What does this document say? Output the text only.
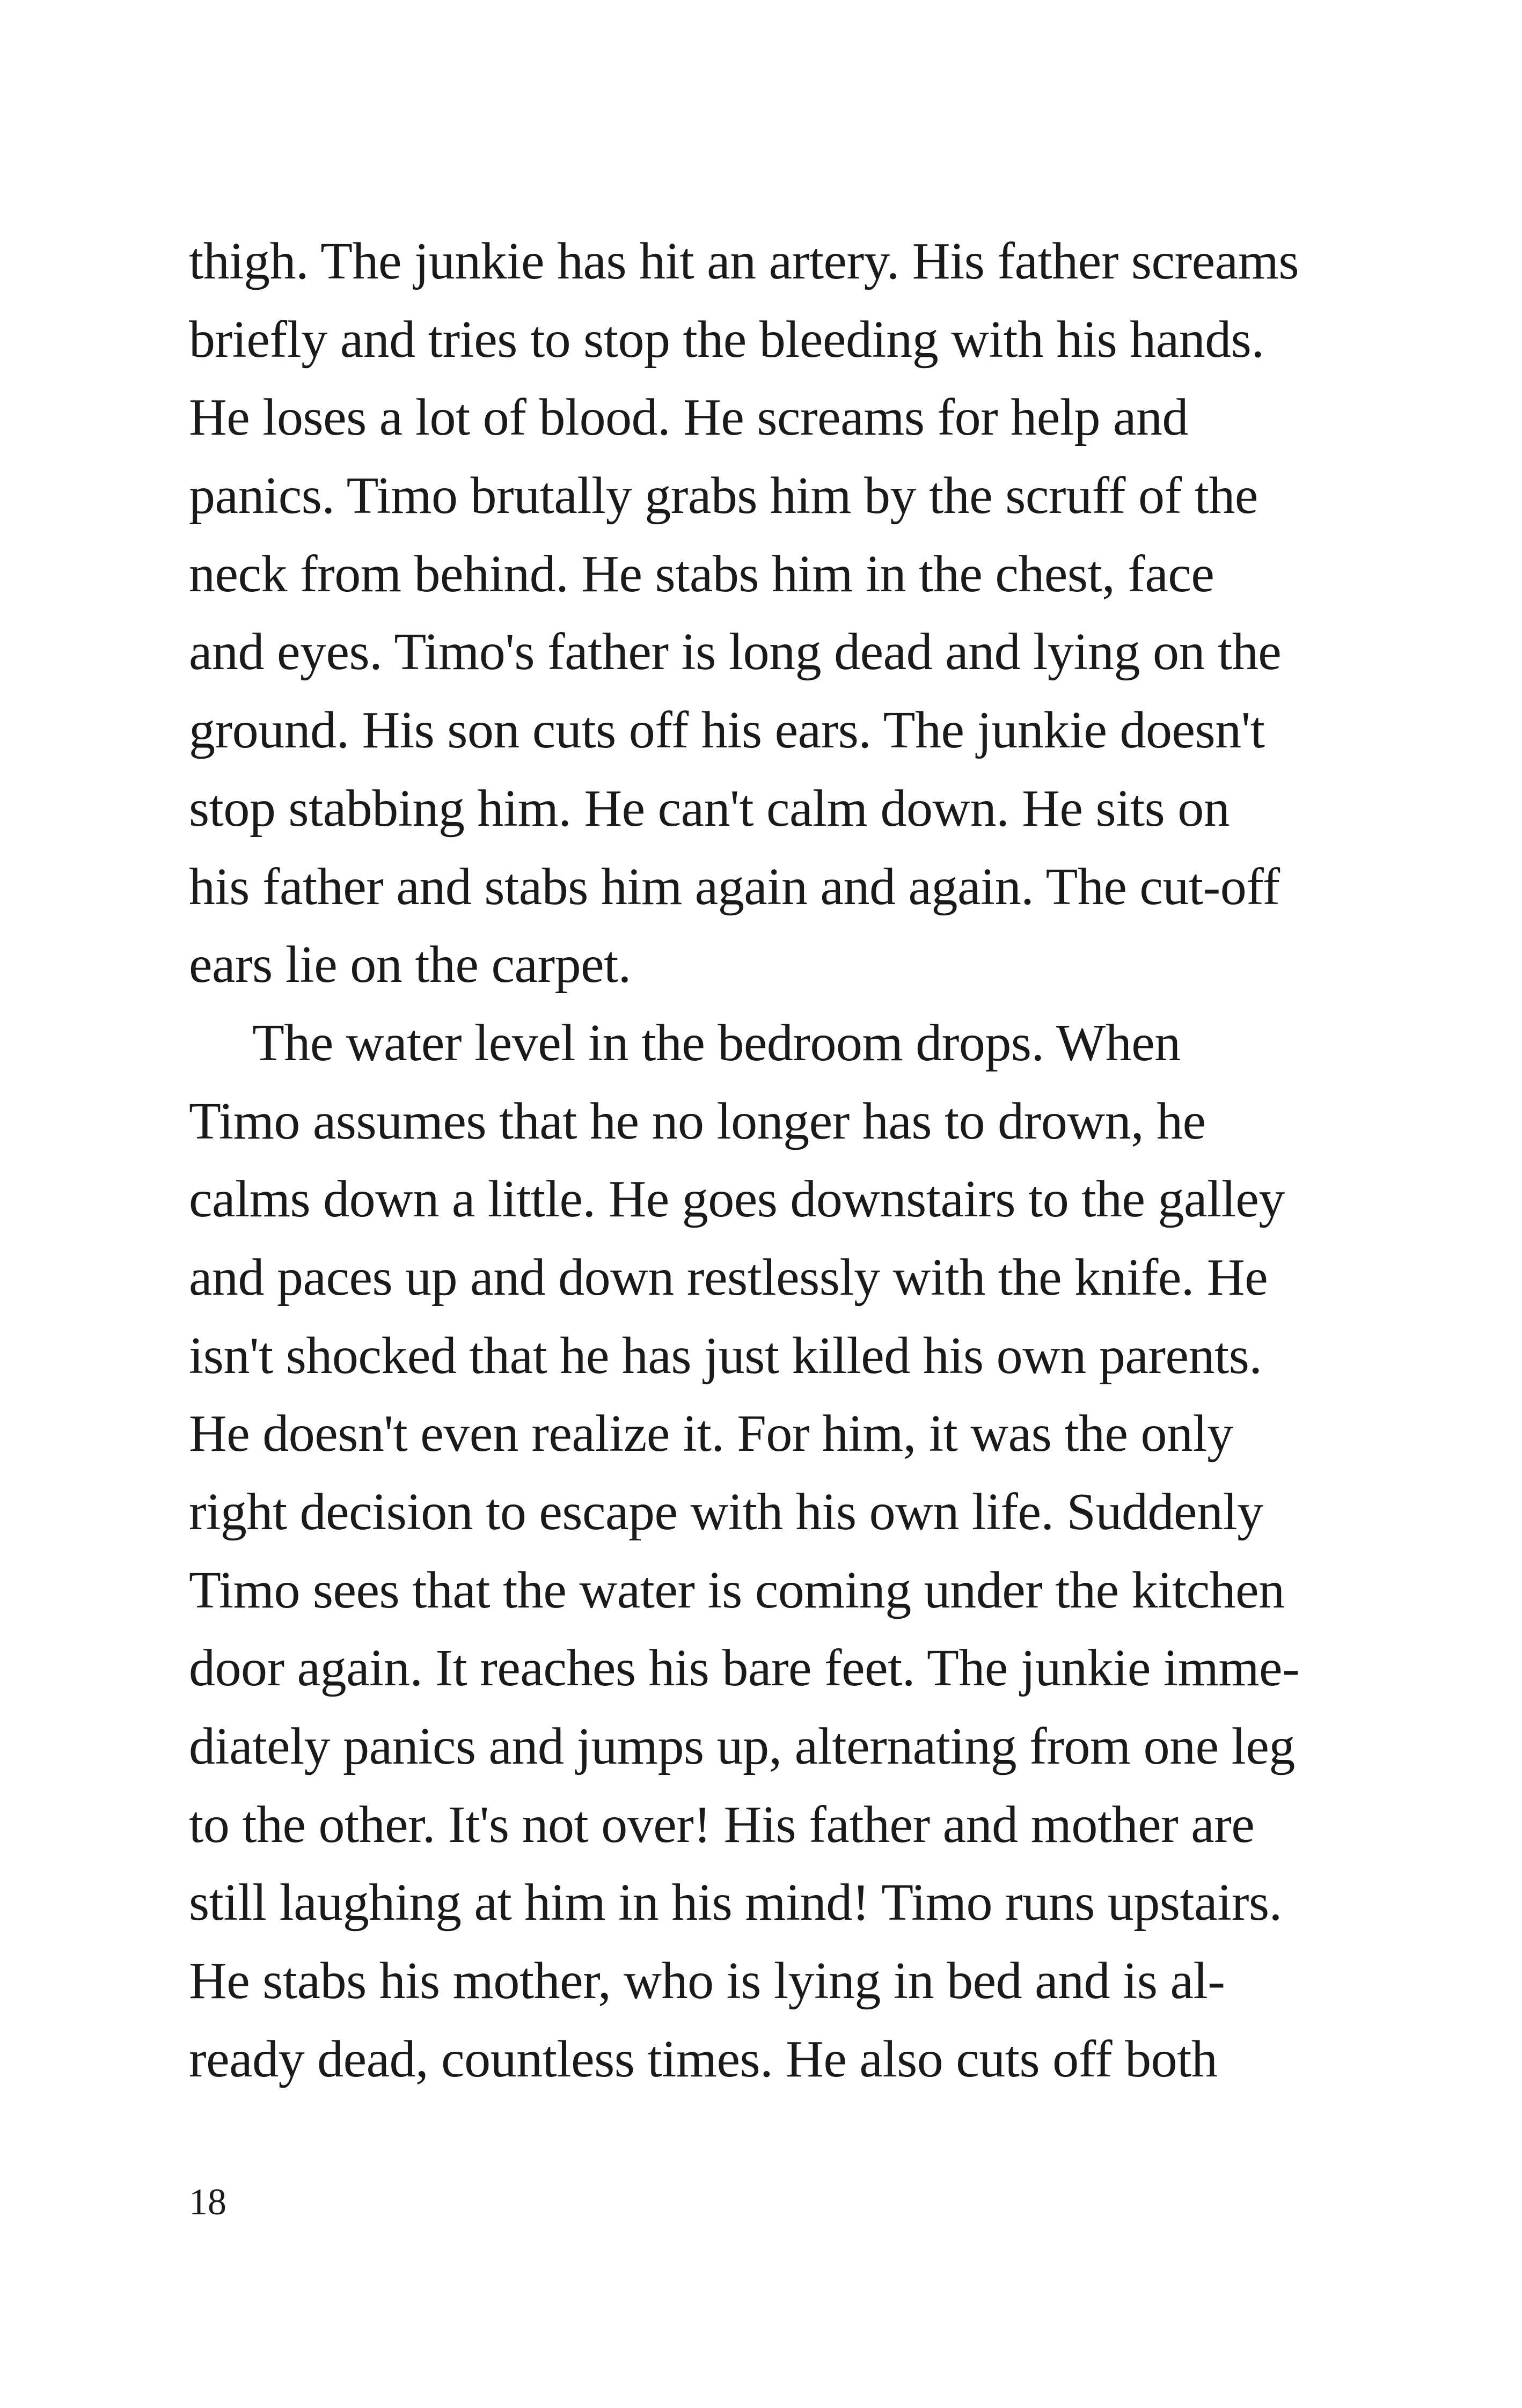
thigh. The junkie has hit an artery. His father screams
briefly and tries to stop the bleeding with his hands.
He loses a lot of blood. He screams for help and
panics. Timo brutally grabs him by the scruff of the
neck from behind. He stabs him in the chest, face
and eyes. Timo's father is long dead and lying on the
ground. His son cuts off his ears. The junkie doesn't
stop stabbing him. He can't calm down. He sits on
his father and stabs him again and again. The cut-off
ears lie on the carpet.
The water level in the bedroom drops. When
Timo assumes that he no longer has to drown, he
calms down a little. He goes downstairs to the galley
and paces up and down restlessly with the knife. He
isn't shocked that he has just killed his own parents.
He doesn't even realize it. For him, it was the only
right decision to escape with his own life. Suddenly
Timo sees that the water is coming under the kitchen
door again. It reaches his bare feet. The junkie imme-
diately panics and jumps up, alternating from one leg
to the other. It's not over! His father and mother are
still laughing at him in his mind! Timo runs upstairs.
He stabs his mother, who is lying in bed and is al-
ready dead, countless times. He also cuts off both
18
